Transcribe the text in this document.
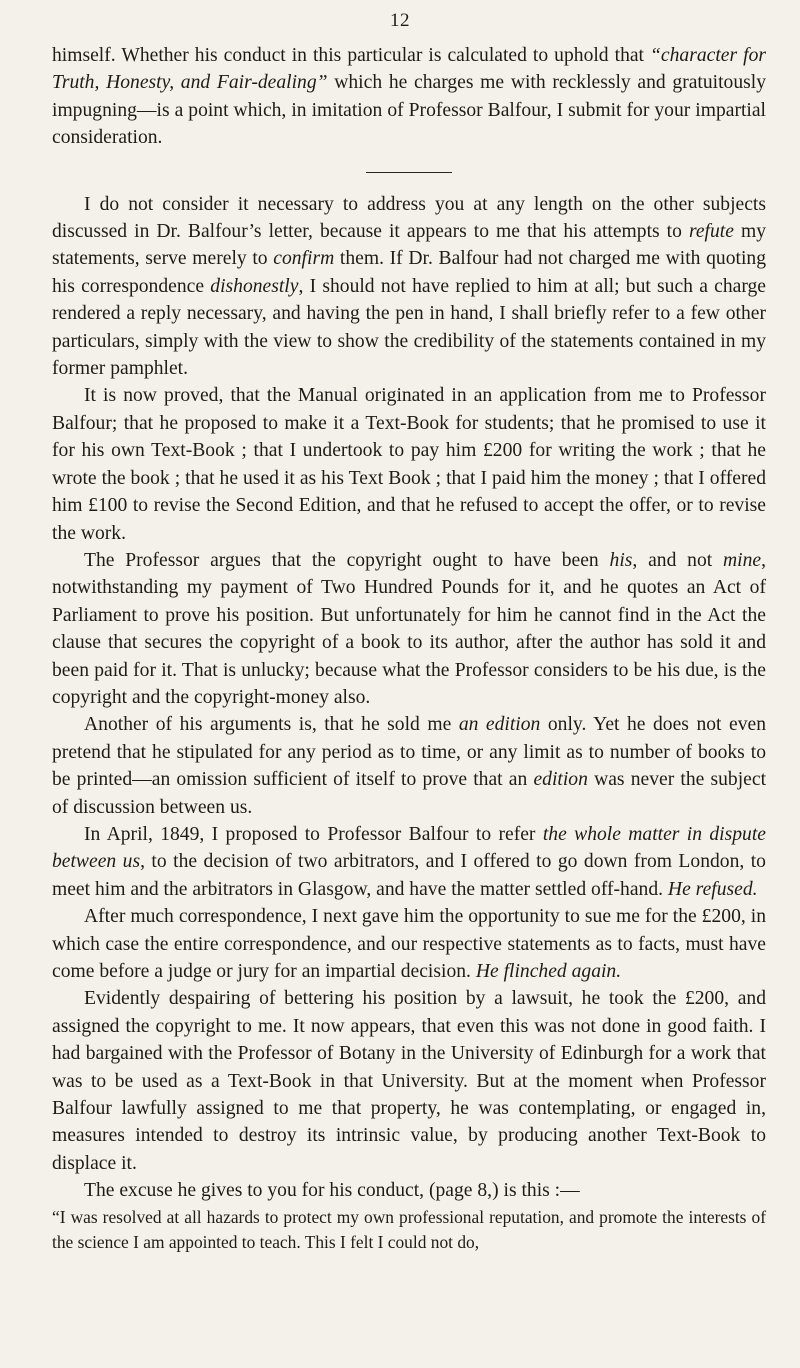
12

himself. Whether his conduct in this particular is calculated to uphold that “character for Truth, Honesty, and Fair-dealing” which he charges me with recklessly and gratuitously impugning—is a point which, in imitation of Professor Balfour, I submit for your impartial consideration.

I do not consider it necessary to address you at any length on the other subjects discussed in Dr. Balfour’s letter, because it appears to me that his attempts to refute my statements, serve merely to confirm them. If Dr. Balfour had not charged me with quoting his correspondence dishonestly, I should not have replied to him at all; but such a charge rendered a reply necessary, and having the pen in hand, I shall briefly refer to a few other particulars, simply with the view to show the credibility of the statements contained in my former pamphlet.

It is now proved, that the Manual originated in an application from me to Professor Balfour; that he proposed to make it a Text-Book for students; that he promised to use it for his own Text-Book ; that I undertook to pay him £200 for writing the work ; that he wrote the book ; that he used it as his Text Book ; that I paid him the money ; that I offered him £100 to revise the Second Edition, and that he refused to accept the offer, or to revise the work.

The Professor argues that the copyright ought to have been his, and not mine, notwithstanding my payment of Two Hundred Pounds for it, and he quotes an Act of Parliament to prove his position. But unfortunately for him he cannot find in the Act the clause that secures the copyright of a book to its author, after the author has sold it and been paid for it. That is unlucky; because what the Professor considers to be his due, is the copyright and the copyright-money also.

Another of his arguments is, that he sold me an edition only. Yet he does not even pretend that he stipulated for any period as to time, or any limit as to number of books to be printed—an omission sufficient of itself to prove that an edition was never the subject of discussion between us.

In April, 1849, I proposed to Professor Balfour to refer the whole matter in dispute between us, to the decision of two arbitrators, and I offered to go down from London, to meet him and the arbitrators in Glasgow, and have the matter settled off-hand. He refused.

After much correspondence, I next gave him the opportunity to sue me for the £200, in which case the entire correspondence, and our respective statements as to facts, must have come before a judge or jury for an impartial decision. He flinched again.

Evidently despairing of bettering his position by a lawsuit, he took the £200, and assigned the copyright to me. It now appears, that even this was not done in good faith. I had bargained with the Professor of Botany in the University of Edinburgh for a work that was to be used as a Text-Book in that University. But at the moment when Professor Balfour lawfully assigned to me that property, he was contemplating, or engaged in, measures intended to destroy its intrinsic value, by producing another Text-Book to displace it.

The excuse he gives to you for his conduct, (page 8,) is this :—

“I was resolved at all hazards to protect my own professional reputation, and promote the interests of the science I am appointed to teach. This I felt I could not do,
